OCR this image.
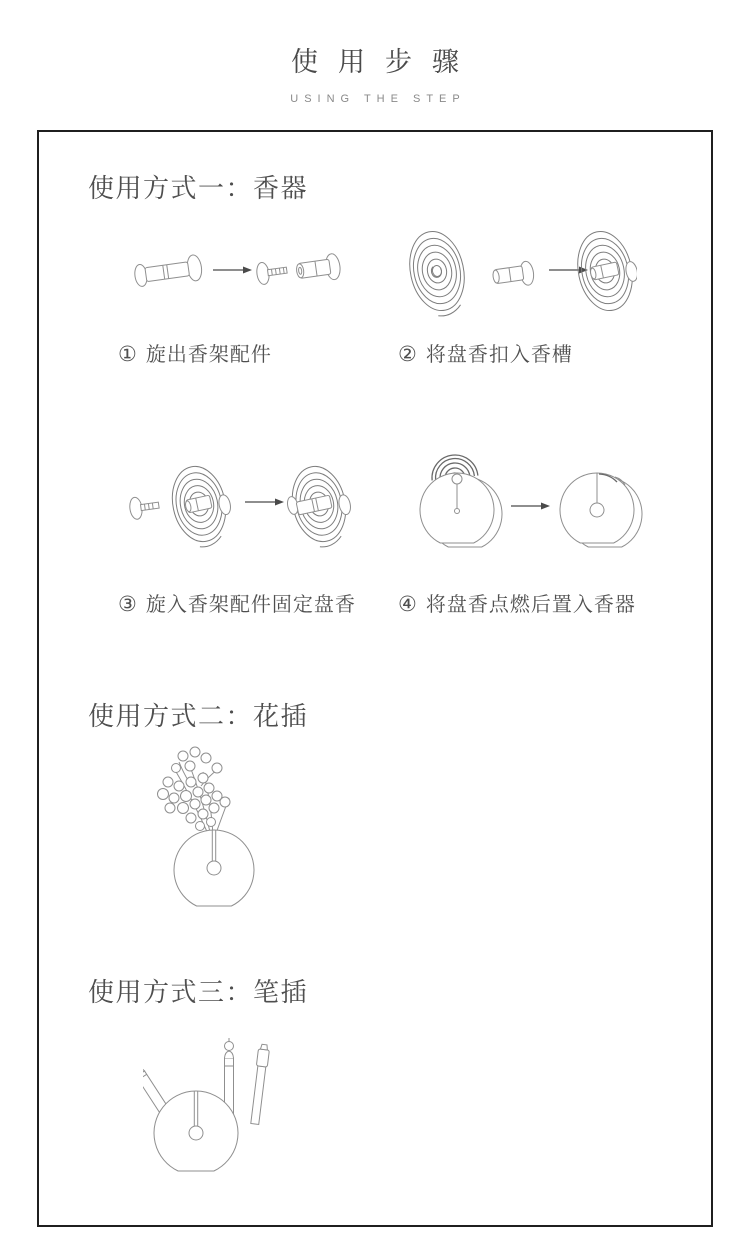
使用步骤
USING THE STEP
使用方式一：香器
① 旋出香架配件	② 将盘香扣入香槽
③ 旋入香架配件固定盘香 ④ 将盘香点燃后置入香器
使用方式二：花插
使用方式三：笔插
